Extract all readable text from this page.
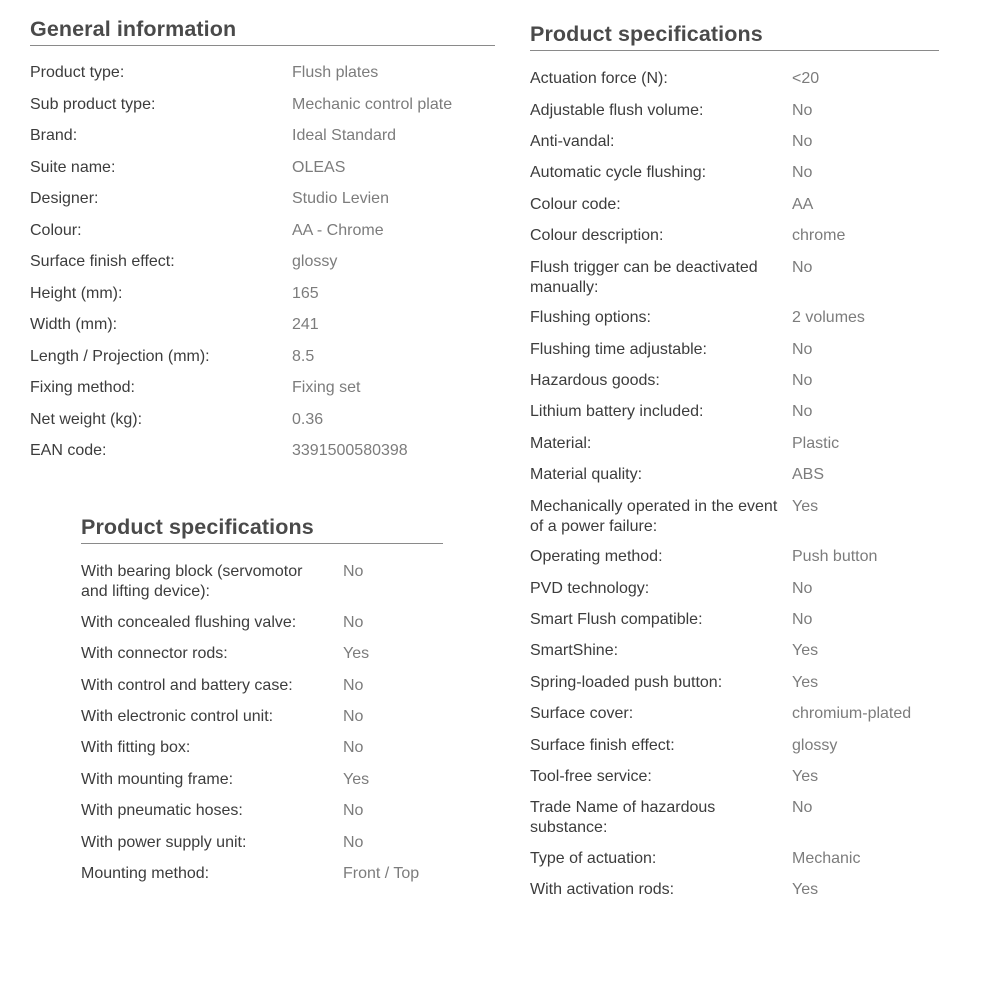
General information
Product type:	Flush plates
Sub product type:	Mechanic control plate
Brand:	Ideal Standard
Suite name:	OLEAS
Designer:	Studio Levien
Colour:	AA - Chrome
Surface finish effect:	glossy
Height (mm):	165
Width (mm):	241
Length / Projection (mm):	8.5
Fixing method:	Fixing set
Net weight (kg):	0.36
EAN code:	3391500580398
Product specifications
With bearing block (servomotor and lifting device):
No
With concealed flushing valve:	No
With connector rods:	Yes
With control and battery case:	No
With electronic control unit:	No
With fitting box:	No
With mounting frame:	Yes
With pneumatic hoses:	No
With power supply unit:	No
Mounting method:	Front / Top
Product specifications
Actuation force (N):	<20
Adjustable flush volume:	No
Anti-vandal:	No
Automatic cycle flushing:	No
Colour code:	AA
Colour description:	chrome
Flush trigger can be deactivated manually:
No
Flushing options:	2 volumes
Flushing time adjustable:	No
Hazardous goods:	No
Lithium battery included:	No
Material:	Plastic
Material quality:	ABS
Mechanically operated in the event of a power failure:
Yes
Operating method:	Push button
PVD technology:	No
Smart Flush compatible:	No
SmartShine:	Yes
Spring-loaded push button:	Yes
Surface cover:	chromium-plated
Surface finish effect:	glossy
Tool-free service:	Yes
Trade Name of hazardous substance:
No
Type of actuation:	Mechanic
With activation rods:	Yes
